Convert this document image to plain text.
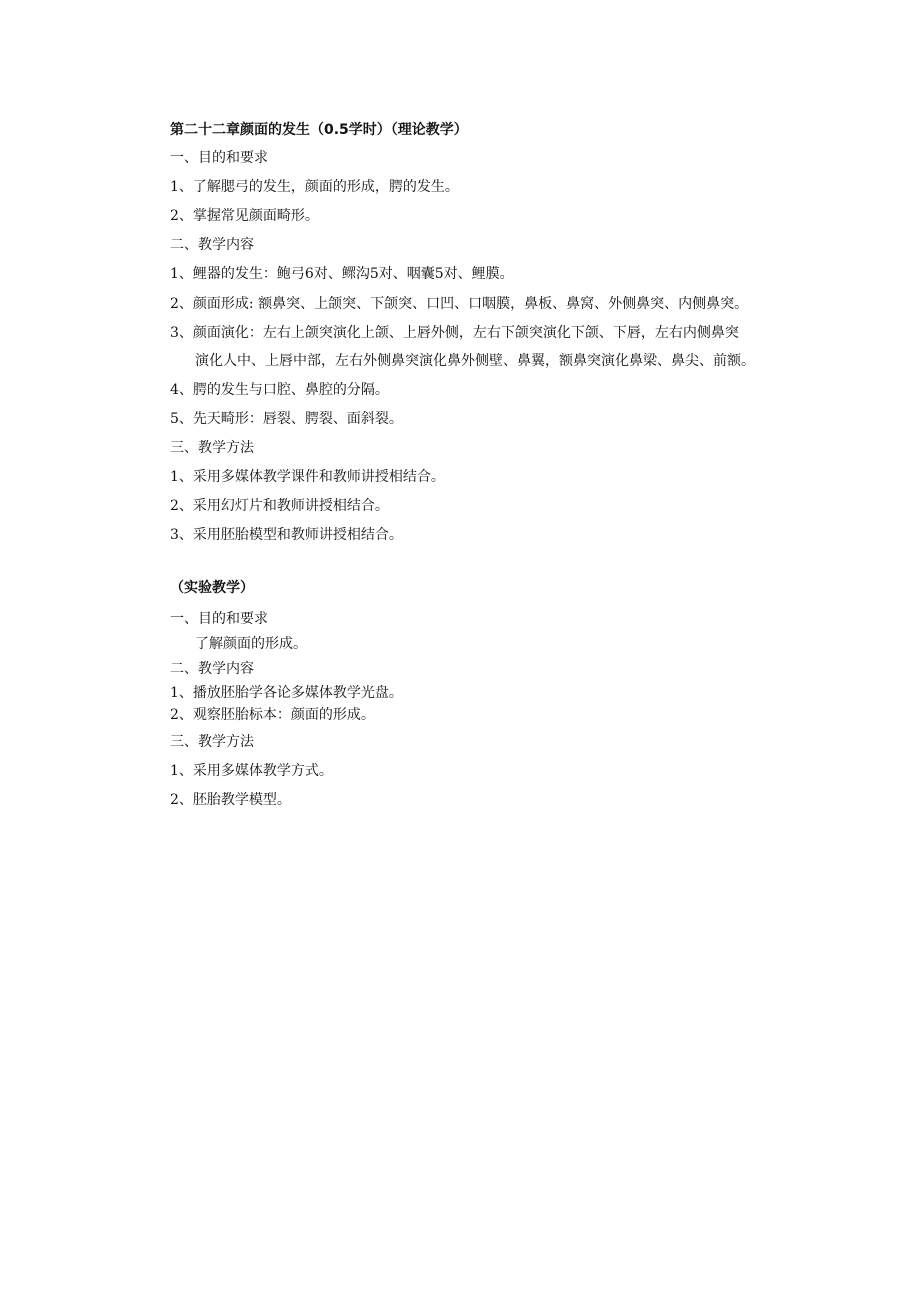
第二十二章颜面的发生（0.5学时）（理论教学）
一、目的和要求
1、了解腮弓的发生，颜面的形成，腭的发生。
2、掌握常见颜面畸形。
二、教学内容
1、鲤器的发生：鲍弓6对、鳏沟5对、咽囊5对、鲤膜。
2、颜面形成: 额鼻突、上颌突、下颌突、口凹、口咽膜，鼻板、鼻窝、外侧鼻突、内侧鼻突。
3、颜面演化：左右上颌突演化上颌、上唇外侧，左右下颌突演化下颌、下唇，左右内侧鼻突
演化人中、上唇中部，左右外侧鼻突演化鼻外侧壁、鼻翼，额鼻突演化鼻梁、鼻尖、前额。
4、腭的发生与口腔、鼻腔的分隔。
5、先天畸形：唇裂、腭裂、面斜裂。
三、教学方法
1、采用多媒体教学课件和教师讲授相结合。
2、采用幻灯片和教师讲授相结合。
3、采用胚胎模型和教师讲授相结合。
（实验教学）
一、目的和要求
了解颜面的形成。
二、教学内容
1、播放胚胎学各论多媒体教学光盘。
2、观察胚胎标本：颜面的形成。
三、教学方法
1、采用多媒体教学方式。
2、胚胎教学模型。
